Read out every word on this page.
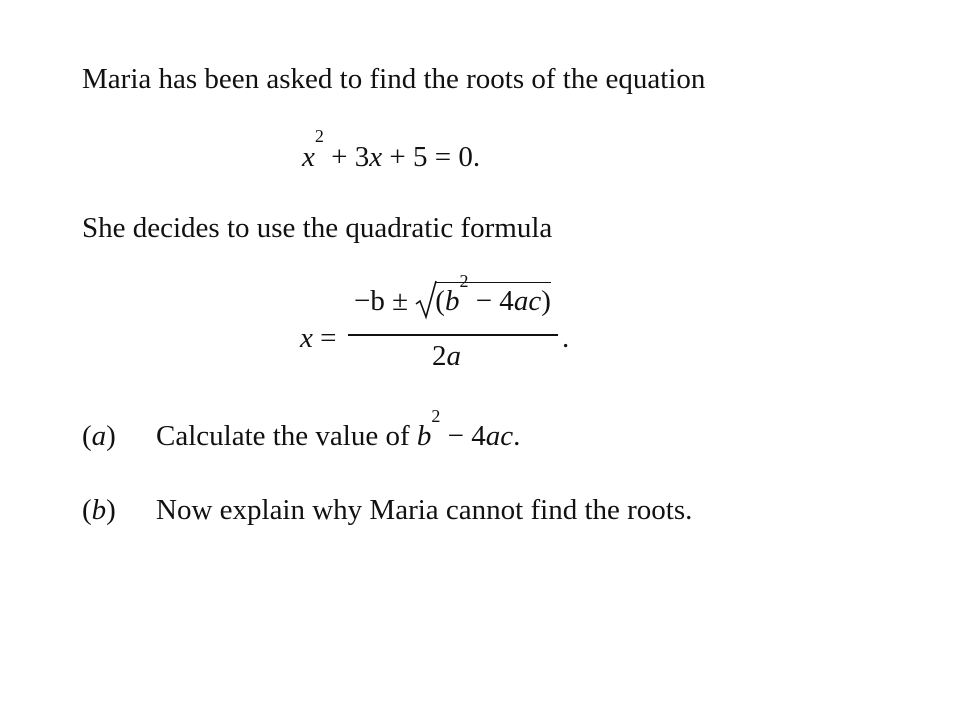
Maria has been asked to find the roots of the equation
$x^2 + 3x + 5 = 0$.
She decides to use the quadratic formula
x =
−b ±
$(b^2 - 4ac)$
2a
.
(a) Calculate the value of $b^2 - 4ac$.
(b) Now explain why Maria cannot find the roots.
